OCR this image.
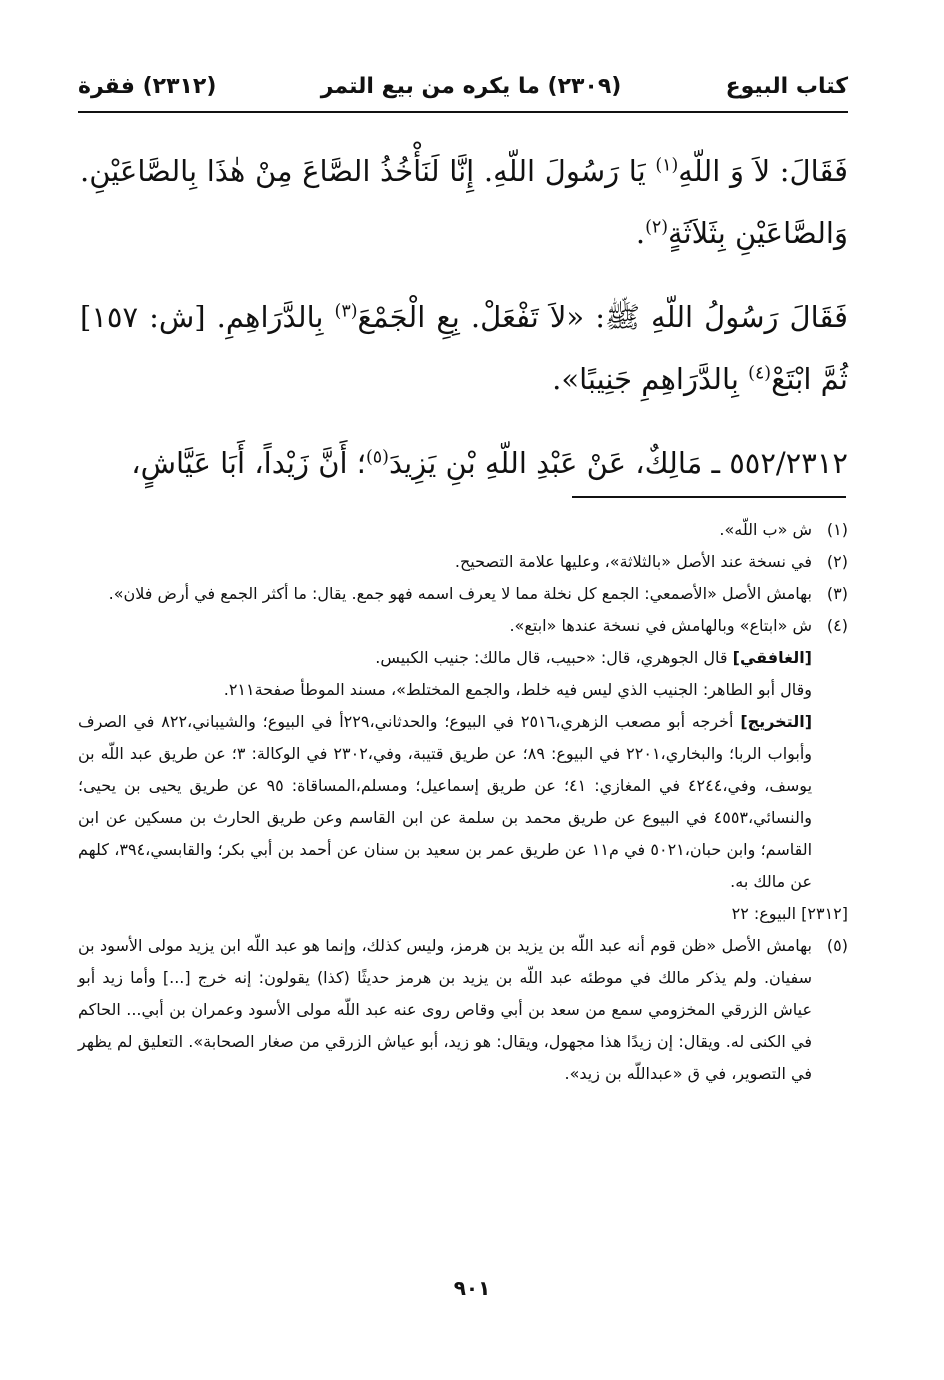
كتاب البيوع
(٢٣٠٩) ما يكره من بيع التمر
(٢٣١٢) فقرة

فَقَالَ: لاَ وَ اللّهِ$^{(١)}$ يَا رَسُولَ اللّهِ. إِنَّا لَنَأْخُذُ الصَّاعَ مِنْ هٰذَا بِالصَّاعَيْنِ. وَالصَّاعَيْنِ بِثَلاَثَةٍ$^{(٢)}$.

فَقَالَ رَسُولُ اللّهِ ﷺ: «لاَ تَفْعَلْ. بِعِ الْجَمْعَ$^{(٣)}$ بِالدَّرَاهِمِ. [ش: ١٥٧] ثُمَّ ابْتَعْ$^{(٤)}$ بِالدَّرَاهِمِ جَنِيبًا».

٥٥٢/٢٣١٢ ـ مَالِكٌ، عَنْ عَبْدِ اللّهِ بْنِ يَزِيدَ$^{(٥)}$؛ أَنَّ زَيْداً، أَبَا عَيَّاشٍ،

(١)
ش «ب اللّه».
(٢)
في نسخة عند الأصل «بالثلاثة»، وعليها علامة التصحيح.
(٣)
بهامش الأصل «الأصمعي: الجمع كل نخلة مما لا يعرف اسمه فهو جمع. يقال: ما أكثر الجمع في أرض فلان».
(٤)
ش «ابتاع» وبالهامش في نسخة عندها «ابتع».
[الغافقي] قال الجوهري، قال: «حبيب، قال مالك: جنيب الكبيس.
وقال أبو الطاهر: الجنيب الذي ليس فيه خلط، والجمع المختلط»، مسند الموطأ صفحة٢١١.
[التخريج] أخرجه أبو مصعب الزهري،٢٥١٦ في البيوع؛ والحدثاني،٢٢٩أ في البيوع؛ والشيباني،٨٢٢ في الصرف وأبواب الربا؛ والبخاري،٢٢٠١ في البيوع: ٨٩؛ عن طريق قتيبة، وفي،٢٣٠٢ في الوكالة: ٣؛ عن طريق عبد اللّه بن يوسف، وفي،٤٢٤٤ في المغازي: ٤١؛ عن طريق إسماعيل؛ ومسلم،المساقاة: ٩٥ عن طريق يحيى بن يحيى؛ والنسائي،٤٥٥٣ في البيوع عن طريق محمد بن سلمة عن ابن القاسم وعن طريق الحارث بن مسكين عن ابن القاسم؛ وابن حبان،٥٠٢١ في م١١ عن طريق عمر بن سعيد بن سنان عن أحمد بن أبي بكر؛ والقابسي،٣٩٤، كلهم عن مالك به.
[٢٣١٢] البيوع: ٢٢
(٥)
بهامش الأصل «ظن قوم أنه عبد اللّه بن يزيد بن هرمز، وليس كذلك، وإنما هو عبد اللّه ابن يزيد مولى الأسود بن سفيان. ولم يذكر مالك في موطئه عبد اللّه بن يزيد بن هرمز حديثًا (كذا) يقولون: إنه خرج [...] وأما زيد أبو عياش الزرقي المخزومي سمع من سعد بن أبي وقاص روى عنه عبد اللّه مولى الأسود وعمران بن أبي... الحاكم في الكنى له. ويقال: إن زيدًا هذا مجهول، ويقال: هو زيد، أبو عياش الزرقي من صغار الصحابة». التعليق لم يظهر في التصوير، في ق «عبداللّه بن زيد».
٩٠١
